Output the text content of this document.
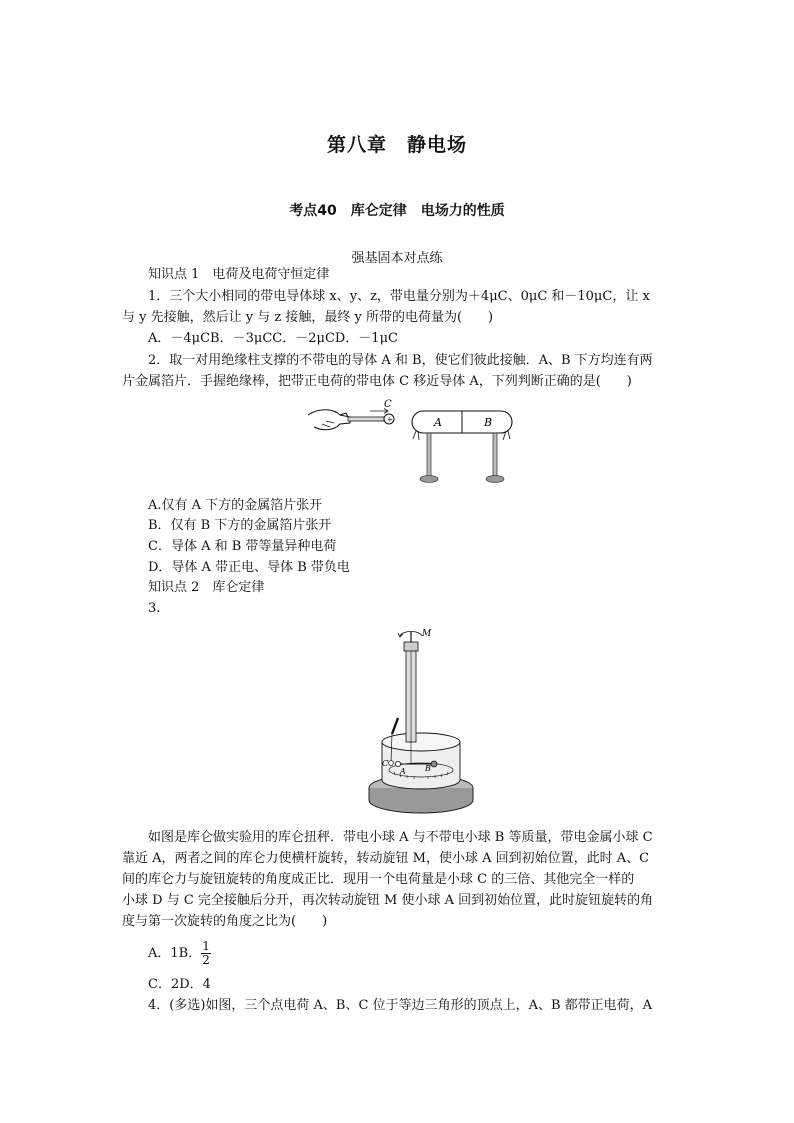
第八章　静电场
考点40　库仑定律　电场力的性质
强基固本对点练
知识点 1　电荷及电荷守恒定律
1．三个大小相同的带电导体球 x、y、z，带电量分别为＋4μC、0μC 和－10μC，让 x
与 y 先接触，然后让 y 与 z 接触，最终 y 所带的电荷量为(　　)
A．－4μCB．－3μCC．－2μCD．－1μC
2．取一对用绝缘柱支撑的不带电的导体 A 和 B，使它们彼此接触．A、B 下方均连有两
片金属箔片．手握绝缘棒，把带正电荷的带电体 C 移近导体 A，下列判断正确的是(　　)
+
C
A	B
A.仅有 A 下方的金属箔片张开
B．仅有 B 下方的金属箔片张开
C．导体 A 和 B 带等量异种电荷
D．导体 A 带正电、导体 B 带负电
知识点 2　库仑定律
3.
M
A B
C
如图是库仑做实验用的库仑扭秤．带电小球 A 与不带电小球 B 等质量，带电金属小球 C
靠近 A，两者之间的库仑力使横杆旋转，转动旋钮 M，使小球 A 回到初始位置，此时 A、C
间的库仑力与旋钮旋转的角度成正比．现用一个电荷量是小球 C 的三倍、其他完全一样的
小球 D 与 C 完全接触后分开，再次转动旋钮 M 使小球 A 回到初始位置，此时旋钮旋转的角
度与第一次旋转的角度之比为(　　)
A．1B． $\frac{1}{2}$
C．2D．4
4．(多选)如图，三个点电荷 A、B、C 位于等边三角形的顶点上，A、B 都带正电荷，A
